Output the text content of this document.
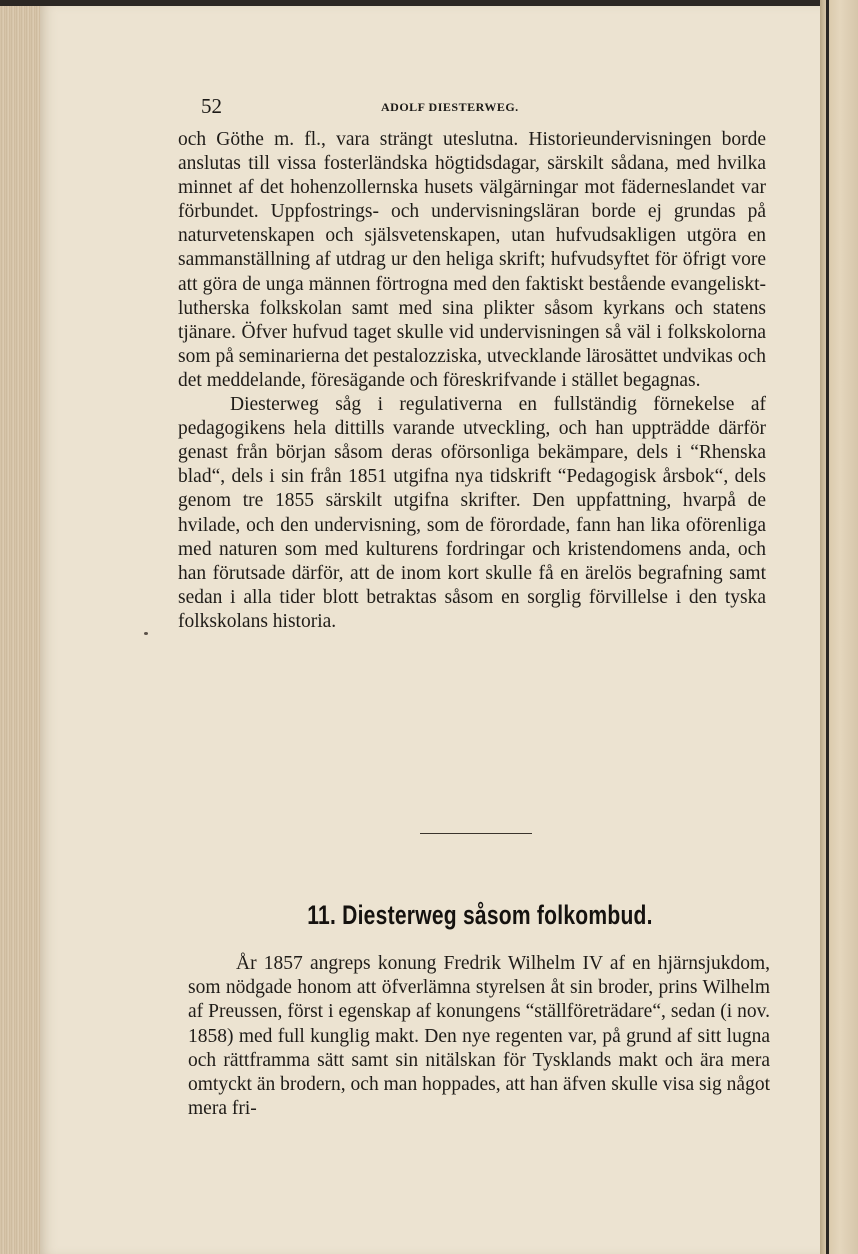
52	ADOLF DIESTERWEG.

och Göthe m. fl., vara strängt uteslutna. Historieundervisningen borde anslutas till vissa fosterländska högtidsdagar, särskilt sådana, med hvilka minnet af det hohenzollernska husets välgärningar mot fäderneslandet var förbundet. Uppfostrings- och undervisningsläran borde ej grundas på naturvetenskapen och själsvetenskapen, utan hufvudsakligen utgöra en sammanställning af utdrag ur den heliga skrift; hufvudsyftet för öfrigt vore att göra de unga männen förtrogna med den faktiskt bestående evangeliskt-lutherska folkskolan samt med sina plikter såsom kyrkans och statens tjänare. Öfver hufvud taget skulle vid undervisningen så väl i folkskolorna som på seminarierna det pestalozziska, utvecklande lärosättet undvikas och det meddelande, föresägande och föreskrifvande i stället begagnas.

Diesterweg såg i regulativerna en fullständig förnekelse af pedagogikens hela dittills varande utveckling, och han uppträdde därför genast från början såsom deras oförsonliga bekämpare, dels i “Rhenska blad“, dels i sin från 1851 utgifna nya tidskrift “Pedagogisk årsbok“, dels genom tre 1855 särskilt utgifna skrifter. Den uppfattning, hvarpå de hvilade, och den undervisning, som de förordade, fann han lika oförenliga med naturen som med kulturens fordringar och kristendomens anda, och han förutsade därför, att de inom kort skulle få en ärelös begrafning samt sedan i alla tider blott betraktas såsom en sorglig förvillelse i den tyska folkskolans historia.

11. Diesterweg såsom folkombud.

År 1857 angreps konung Fredrik Wilhelm IV af en hjärnsjukdom, som nödgade honom att öfverlämna styrelsen åt sin broder, prins Wilhelm af Preussen, först i egenskap af konungens “ställföreträdare“, sedan (i nov. 1858) med full kunglig makt. Den nye regenten var, på grund af sitt lugna och rättframma sätt samt sin nitälskan för Tysklands makt och ära mera omtyckt än brodern, och man hoppades, att han äfven skulle visa sig något mera fri-
